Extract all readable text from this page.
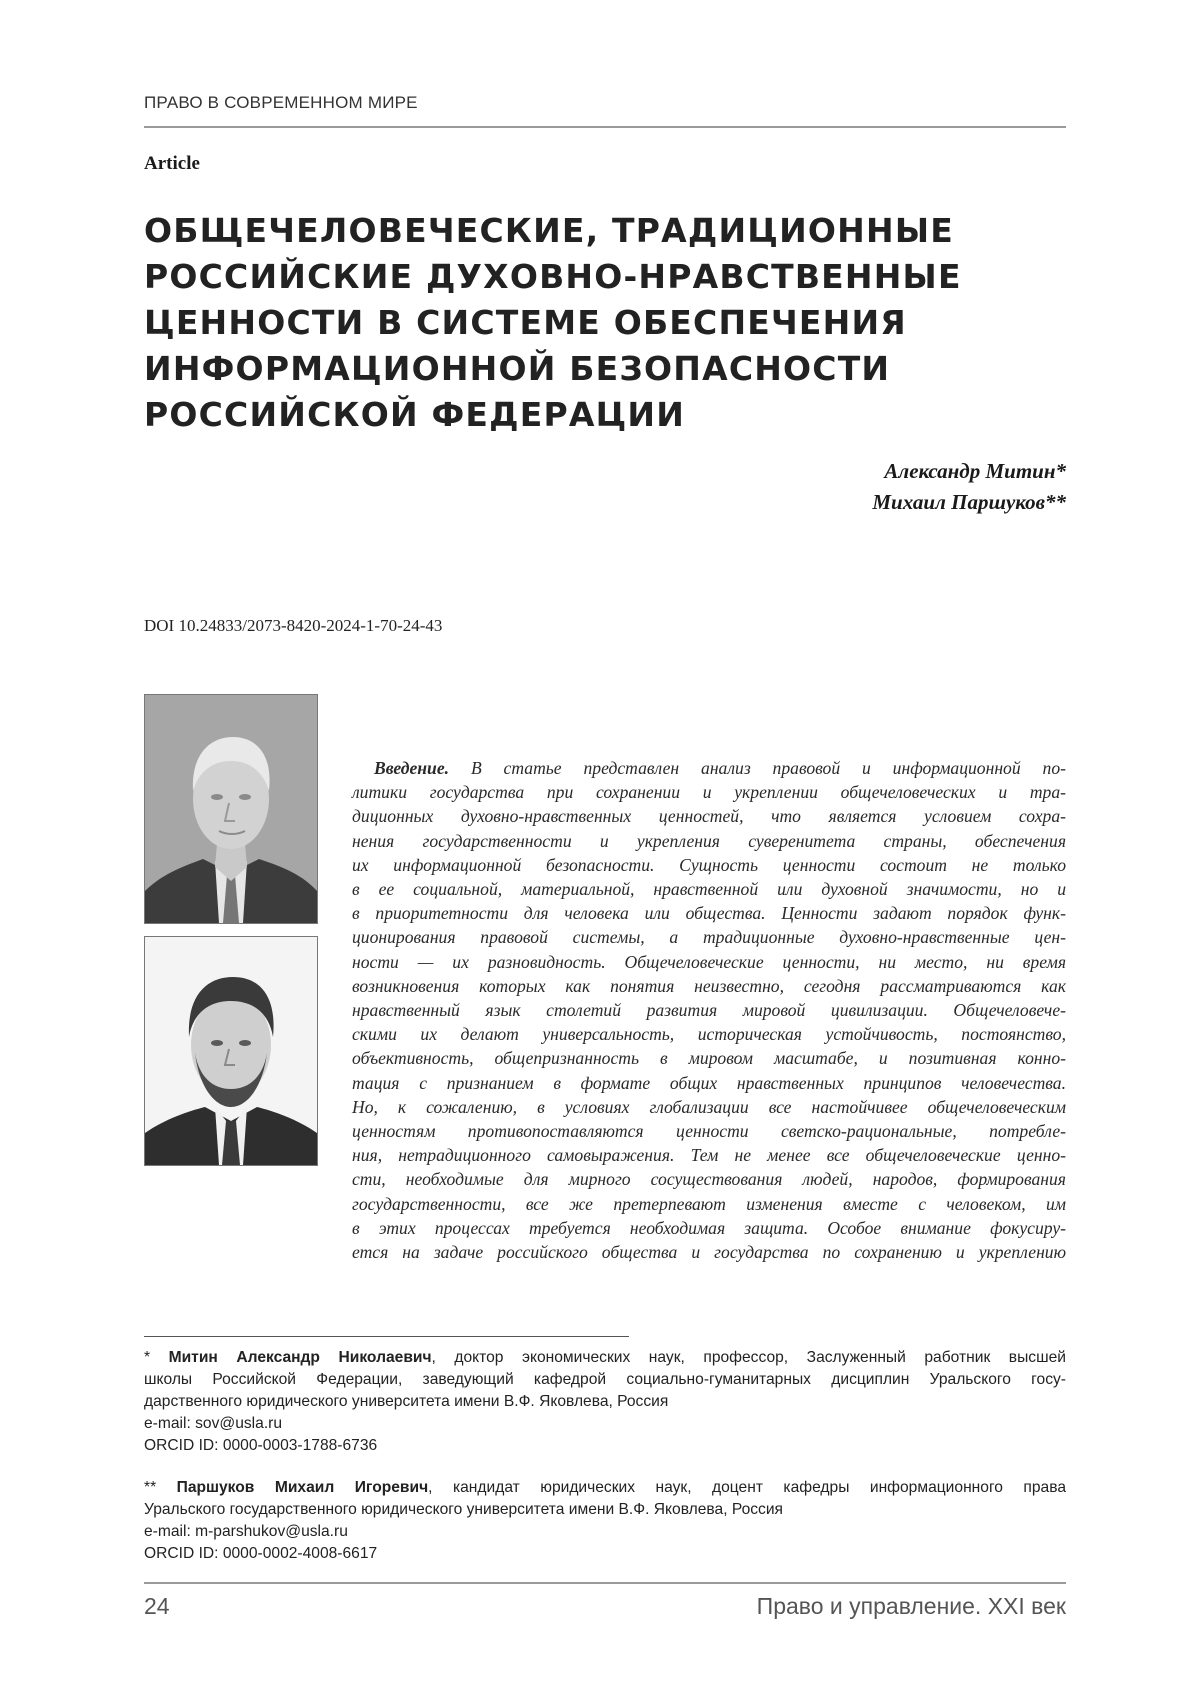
ПРАВО В СОВРЕМЕННОМ МИРЕ
Article
ОБЩЕЧЕЛОВЕЧЕСКИЕ, ТРАДИЦИОННЫЕ
РОССИЙСКИЕ ДУХОВНО-НРАВСТВЕННЫЕ
ЦЕННОСТИ В СИСТЕМЕ ОБЕСПЕЧЕНИЯ
ИНФОРМАЦИОННОЙ БЕЗОПАСНОСТИ
РОССИЙСКОЙ ФЕДЕРАЦИИ
Александр Митин*
Михаил Паршуков**
DOI 10.24833/2073-8420-2024-1-70-24-43
Введение. В статье представлен анализ правовой и информационной по-
литики государства при сохранении и укреплении общечеловеческих и тра-
диционных духовно-нравственных ценностей, что является условием сохра-
нения государственности и укрепления суверенитета страны, обеспечения
их информационной безопасности. Сущность ценности состоит не только
в ее социальной, материальной, нравственной или духовной значимости, но и
в приоритетности для человека или общества. Ценности задают порядок функ-
ционирования правовой системы, а традиционные духовно-нравственные цен-
ности — их разновидность. Общечеловеческие ценности, ни место, ни время
возникновения которых как понятия неизвестно, сегодня рассматриваются как
нравственный язык столетий развития мировой цивилизации. Общечеловече-
скими их делают универсальность, историческая устойчивость, постоянство,
объективность, общепризнанность в мировом масштабе, и позитивная конно-
тация с признанием в формате общих нравственных принципов человечества.
Но, к сожалению, в условиях глобализации все настойчивее общечеловеческим
ценностям противопоставляются ценности светско-рациональные, потребле-
ния, нетрадиционного самовыражения. Тем не менее все общечеловеческие ценно-
сти, необходимые для мирного сосуществования людей, народов, формирования
государственности, все же претерпевают изменения вместе с человеком, им
в этих процессах требуется необходимая защита. Особое внимание фокусиру-
ется на задаче российского общества и государства по сохранению и укреплению
* Митин Александр Николаевич, доктор экономических наук, профессор, Заслуженный работник высшей
школы Российской Федерации, заведующий кафедрой социально-гуманитарных дисциплин Уральского госу-
дарственного юридического университета имени В.Ф. Яковлева, Россия
e-mail: sov@usla.ru
ORCID ID: 0000-0003-1788-6736
** Паршуков Михаил Игоревич, кандидат юридических наук, доцент кафедры информационного права
Уральского государственного юридического университета имени В.Ф. Яковлева, Россия
e-mail: m-parshukov@usla.ru
ORCID ID: 0000-0002-4008-6617
24	Право и управление. XXI век
